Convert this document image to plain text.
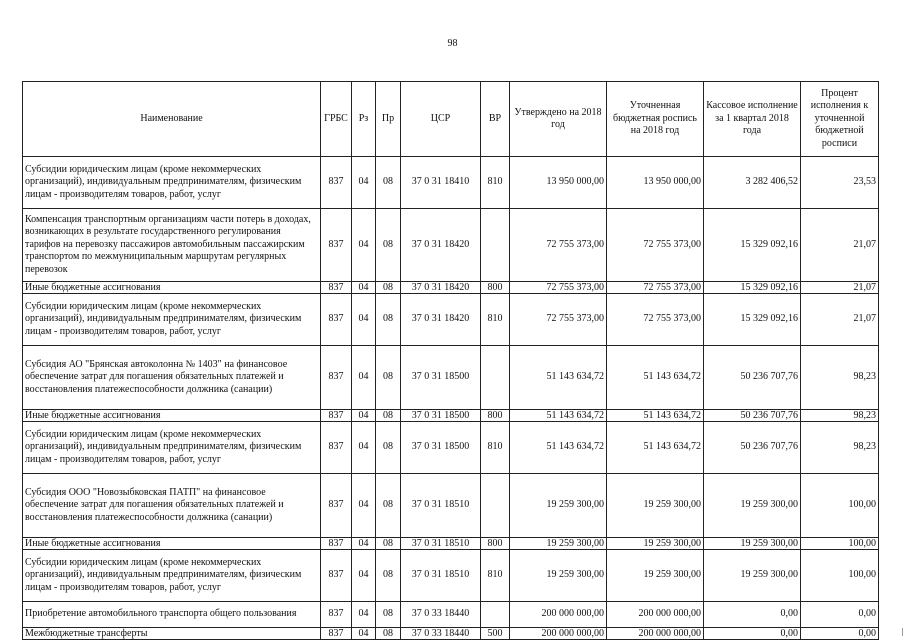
98
Наименование	ГРБС	Рз	Пр	ЦСР	ВР	Утверждено на 2018 год	Уточненная бюджетная роспись на 2018 год	Кассовое исполнение за 1 квартал 2018 года	Процент исполнения к уточненной бюджетной росписи
Субсидии юридическим лицам (кроме некоммерческих организаций), индивидуальным предпринимателям, физическим лицам - производителям товаров, работ, услуг	837	04	08	37 0 31 18410	810	13 950 000,00	13 950 000,00	3 282 406,52	23,53
Компенсация транспортным организациям части потерь в доходах, возникающих в результате государственного регулирования тарифов на перевозку пассажиров автомобильным пассажирским транспортом по межмуниципальным маршрутам регулярных перевозок	837	04	08	37 0 31 18420		72 755 373,00	72 755 373,00	15 329 092,16	21,07
Иные бюджетные ассигнования	837	04	08	37 0 31 18420	800	72 755 373,00	72 755 373,00	15 329 092,16	21,07
Субсидии юридическим лицам (кроме некоммерческих организаций), индивидуальным предпринимателям, физическим лицам - производителям товаров, работ, услуг	837	04	08	37 0 31 18420	810	72 755 373,00	72 755 373,00	15 329 092,16	21,07
Субсидия АО "Брянская автоколонна № 1403" на финансовое обеспечение затрат для погашения обязательных платежей и восстановления платежеспособности должника (санации)	837	04	08	37 0 31 18500		51 143 634,72	51 143 634,72	50 236 707,76	98,23
Иные бюджетные ассигнования	837	04	08	37 0 31 18500	800	51 143 634,72	51 143 634,72	50 236 707,76	98,23
Субсидии юридическим лицам (кроме некоммерческих организаций), индивидуальным предпринимателям, физическим лицам - производителям товаров, работ, услуг	837	04	08	37 0 31 18500	810	51 143 634,72	51 143 634,72	50 236 707,76	98,23
Субсидия ООО "Новозыбковская ПАТП" на финансовое обеспечение затрат для погашения обязательных платежей и восстановления платежеспособности должника (санации)	837	04	08	37 0 31 18510		19 259 300,00	19 259 300,00	19 259 300,00	100,00
Иные бюджетные ассигнования	837	04	08	37 0 31 18510	800	19 259 300,00	19 259 300,00	19 259 300,00	100,00
Субсидии юридическим лицам (кроме некоммерческих организаций), индивидуальным предпринимателям, физическим лицам - производителям товаров, работ, услуг	837	04	08	37 0 31 18510	810	19 259 300,00	19 259 300,00	19 259 300,00	100,00
Приобретение автомобильного транспорта общего пользования	837	04	08	37 0 33 18440		200 000 000,00	200 000 000,00	0,00	0,00
Межбюджетные трансферты	837	04	08	37 0 33 18440	500	200 000 000,00	200 000 000,00	0,00	0,00
